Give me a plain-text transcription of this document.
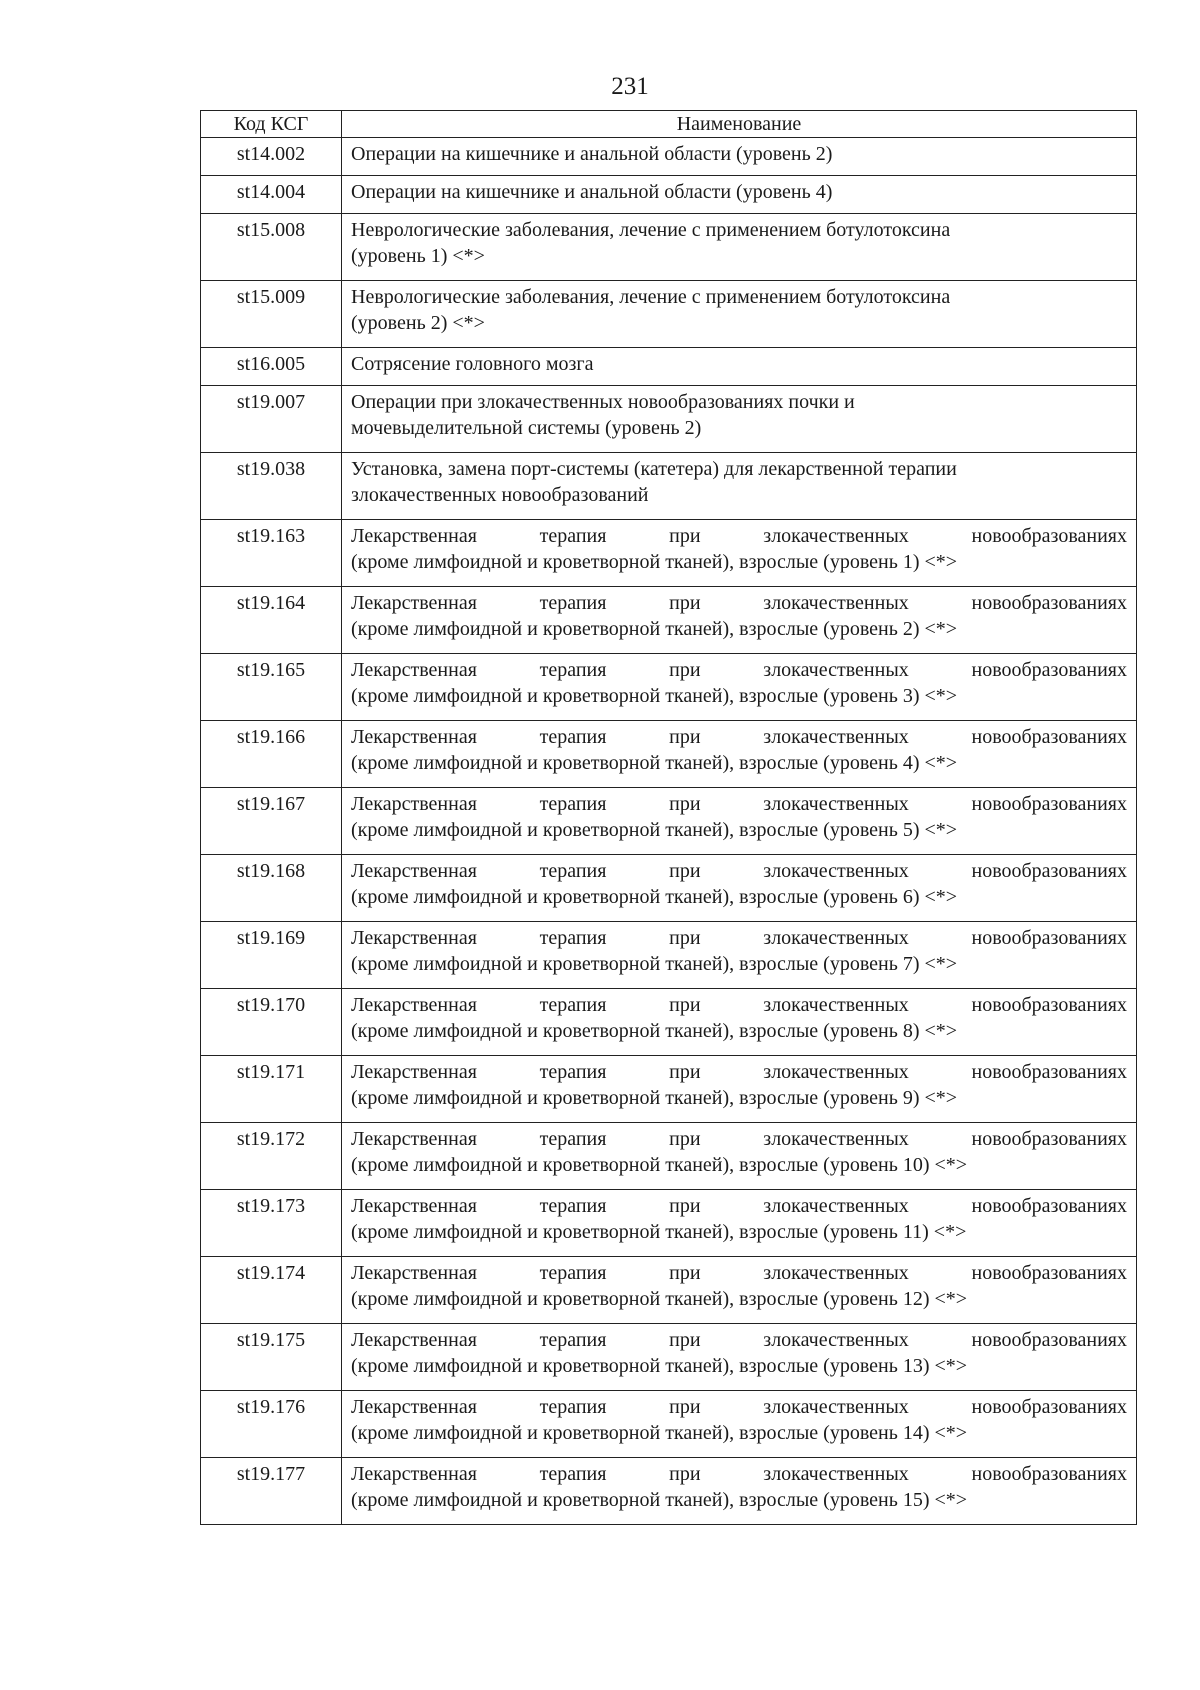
231
Код КСГ	Наименование
st14.002	Операции на кишечнике и анальной области (уровень 2)
st14.004	Операции на кишечнике и анальной области (уровень 4)
st15.008	Неврологические заболевания, лечение с применением ботулотоксина
(уровень 1) <*>
st15.009	Неврологические заболевания, лечение с применением ботулотоксина
(уровень 2) <*>
st16.005	Сотрясение головного мозга
st19.007	Операции при злокачественных новообразованиях почки и
мочевыделительной системы (уровень 2)
st19.038	Установка, замена порт-системы (катетера) для лекарственной терапии
злокачественных новообразований
st19.163	Лекарственная терапия при злокачественных новообразованиях
(кроме лимфоидной и кроветворной тканей), взрослые (уровень 1) <*>

st19.164	Лекарственная терапия при злокачественных новообразованиях
(кроме лимфоидной и кроветворной тканей), взрослые (уровень 2) <*>

st19.165	Лекарственная терапия при злокачественных новообразованиях
(кроме лимфоидной и кроветворной тканей), взрослые (уровень 3) <*>

st19.166	Лекарственная терапия при злокачественных новообразованиях
(кроме лимфоидной и кроветворной тканей), взрослые (уровень 4) <*>

st19.167	Лекарственная терапия при злокачественных новообразованиях
(кроме лимфоидной и кроветворной тканей), взрослые (уровень 5) <*>

st19.168	Лекарственная терапия при злокачественных новообразованиях
(кроме лимфоидной и кроветворной тканей), взрослые (уровень 6) <*>

st19.169	Лекарственная терапия при злокачественных новообразованиях
(кроме лимфоидной и кроветворной тканей), взрослые (уровень 7) <*>

st19.170	Лекарственная терапия при злокачественных новообразованиях
(кроме лимфоидной и кроветворной тканей), взрослые (уровень 8) <*>

st19.171	Лекарственная терапия при злокачественных новообразованиях
(кроме лимфоидной и кроветворной тканей), взрослые (уровень 9) <*>

st19.172	Лекарственная терапия при злокачественных новообразованиях
(кроме лимфоидной и кроветворной тканей), взрослые (уровень 10) <*>

st19.173	Лекарственная терапия при злокачественных новообразованиях
(кроме лимфоидной и кроветворной тканей), взрослые (уровень 11) <*>

st19.174	Лекарственная терапия при злокачественных новообразованиях
(кроме лимфоидной и кроветворной тканей), взрослые (уровень 12) <*>

st19.175	Лекарственная терапия при злокачественных новообразованиях
(кроме лимфоидной и кроветворной тканей), взрослые (уровень 13) <*>

st19.176	Лекарственная терапия при злокачественных новообразованиях
(кроме лимфоидной и кроветворной тканей), взрослые (уровень 14) <*>

st19.177	Лекарственная терапия при злокачественных новообразованиях
(кроме лимфоидной и кроветворной тканей), взрослые (уровень 15) <*>
